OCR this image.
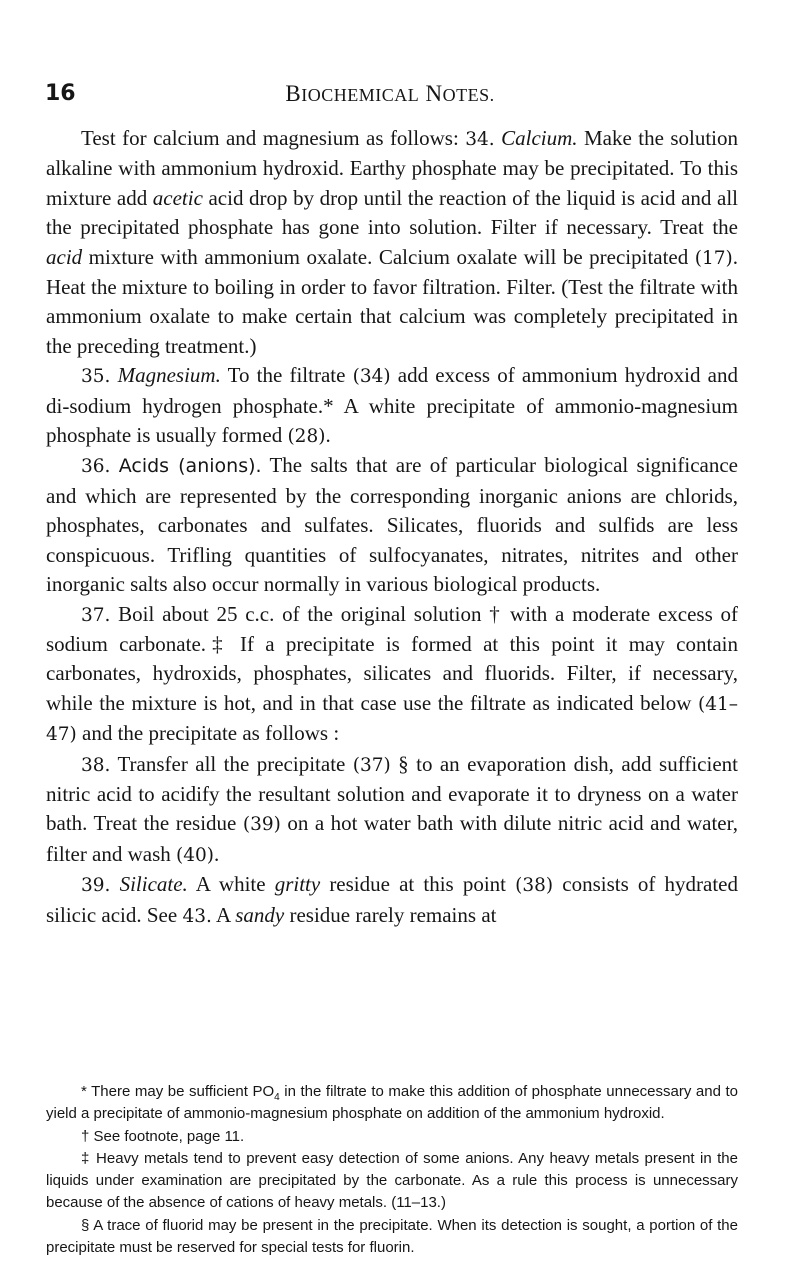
16	BIOCHEMICAL NOTES.

Test for calcium and magnesium as follows: 34. Calcium. Make the solution alkaline with ammonium hydroxid. Earthy phosphate may be precipitated. To this mixture add acetic acid drop by drop until the reaction of the liquid is acid and all the precipitated phosphate has gone into solution. Filter if necessary. Treat the acid mixture with ammonium oxalate. Calcium oxalate will be precipitated (17). Heat the mixture to boiling in order to favor filtration. Filter. (Test the filtrate with ammonium oxalate to make certain that calcium was completely precipitated in the preceding treatment.)

35. Magnesium. To the filtrate (34) add excess of ammonium hydroxid and di-sodium hydrogen phosphate.* A white precipitate of ammonio-magnesium phosphate is usually formed (28).

36. Acids (anions). The salts that are of particular biological significance and which are represented by the corresponding inorganic anions are chlorids, phosphates, carbonates and sulfates. Silicates, fluorids and sulfids are less conspicuous. Trifling quantities of sulfocyanates, nitrates, nitrites and other inorganic salts also occur normally in various biological products.

37. Boil about 25 c.c. of the original solution † with a moderate excess of sodium carbonate.‡ If a precipitate is formed at this point it may contain carbonates, hydroxids, phosphates, silicates and fluorids. Filter, if necessary, while the mixture is hot, and in that case use the filtrate as indicated below (41–47) and the precipitate as follows :

38. Transfer all the precipitate (37) § to an evaporation dish, add sufficient nitric acid to acidify the resultant solution and evaporate it to dryness on a water bath. Treat the residue (39) on a hot water bath with dilute nitric acid and water, filter and wash (40).

39. Silicate. A white gritty residue at this point (38) consists of hydrated silicic acid. See 43. A sandy residue rarely remains at

* There may be sufficient $PO_4$ in the filtrate to make this addition of phosphate unnecessary and to yield a precipitate of ammonio-magnesium phosphate on addition of the ammonium hydroxid.

† See footnote, page 11.

‡ Heavy metals tend to prevent easy detection of some anions. Any heavy metals present in the liquids under examination are precipitated by the carbonate. As a rule this process is unnecessary because of the absence of cations of heavy metals. (11–13.)

§ A trace of fluorid may be present in the precipitate. When its detection is sought, a portion of the precipitate must be reserved for special tests for fluorin.
